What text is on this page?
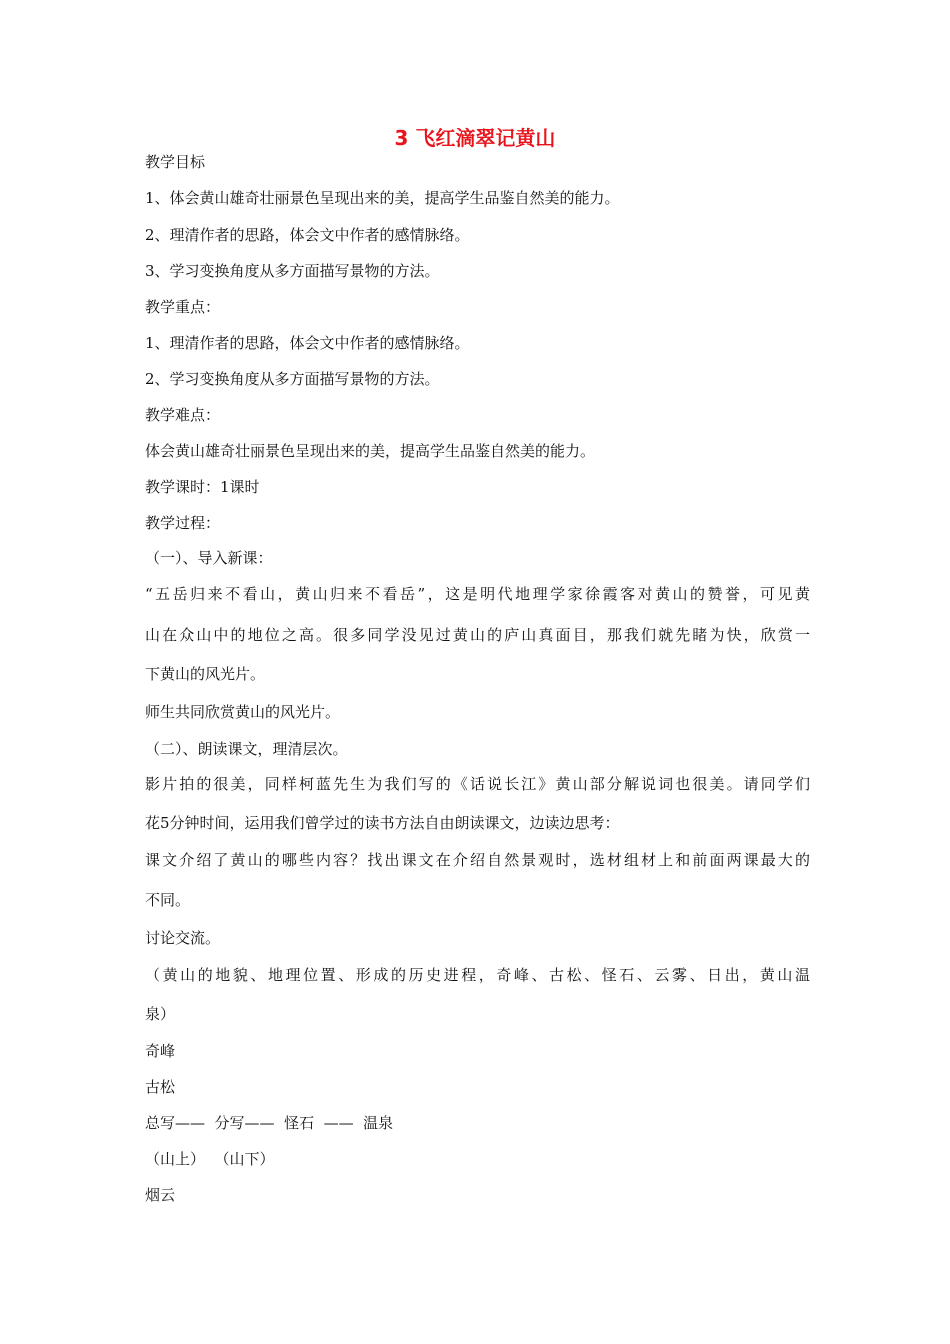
3 飞红滴翠记黄山
教学目标
1、体会黄山雄奇壮丽景色呈现出来的美，提高学生品鉴自然美的能力。
2、理清作者的思路，体会文中作者的感情脉络。
3、学习变换角度从多方面描写景物的方法。
教学重点：
1、理清作者的思路，体会文中作者的感情脉络。
2、学习变换角度从多方面描写景物的方法。
教学难点：
体会黄山雄奇壮丽景色呈现出来的美，提高学生品鉴自然美的能力。
教学课时：1课时
教学过程：
（一）、导入新课：
“五岳归来不看山，黄山归来不看岳”，这是明代地理学家徐霞客对黄山的赞誉，可见黄
山在众山中的地位之高。很多同学没见过黄山的庐山真面目，那我们就先睹为快，欣赏一
下黄山的风光片。
师生共同欣赏黄山的风光片。
（二）、朗读课文，理清层次。
影片拍的很美，同样柯蓝先生为我们写的《话说长江》黄山部分解说词也很美。请同学们
花5分钟时间，运用我们曾学过的读书方法自由朗读课文，边读边思考：
课文介绍了黄山的哪些内容？找出课文在介绍自然景观时，选材组材上和前面两课最大的
不同。
讨论交流。
（黄山的地貌、地理位置、形成的历史进程，奇峰、古松、怪石、云雾、日出，黄山温
泉）
奇峰
古松
总写——  分写——  怪石  ——  温泉
（山上）  （山下）
烟云
